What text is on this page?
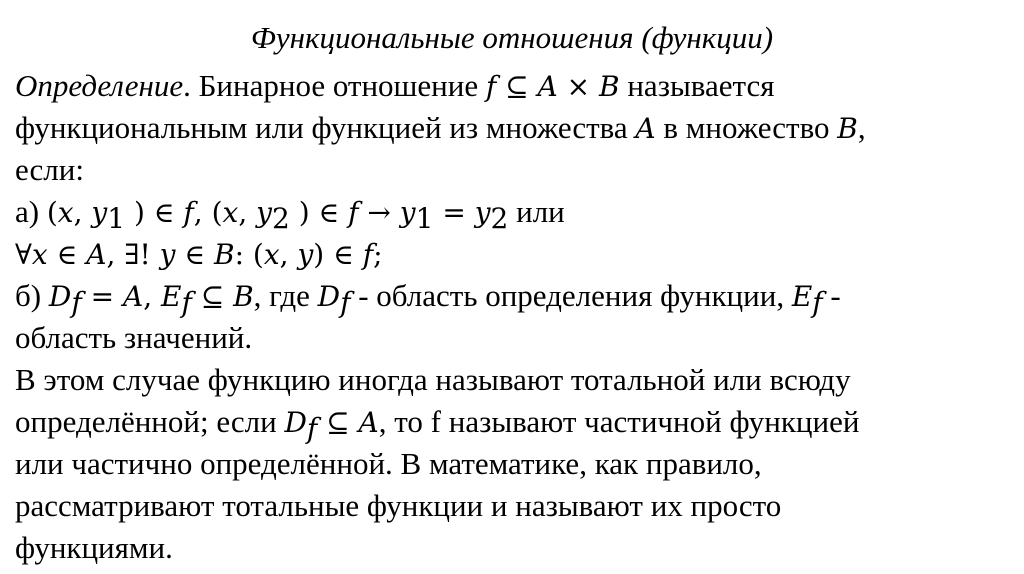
Функциональные отношения (функции)
Определение. Бинарное отношение f ⊆ A × B называется
функциональным или функцией из множества A в множество B,
если:
а) (x, $y_1$ ) ∈ f, (x, $y_2$ ) ∈ $f \to y_1 = y_2$ или
∀x ∈ A, ∃! y ∈ B: (x, y) ∈ f;
б) $D_f = A$, $E_f$ ⊆ B, где $D_f$ - область определения функции, $E_f$ -
область значений.
В этом случае функцию иногда называют тотальной или всюду
определённой; если $D_f$ ⊆ A, то f называют частичной функцией
или частично определённой. В математике, как правило,
рассматривают тотальные функции и называют их просто
функциями.
